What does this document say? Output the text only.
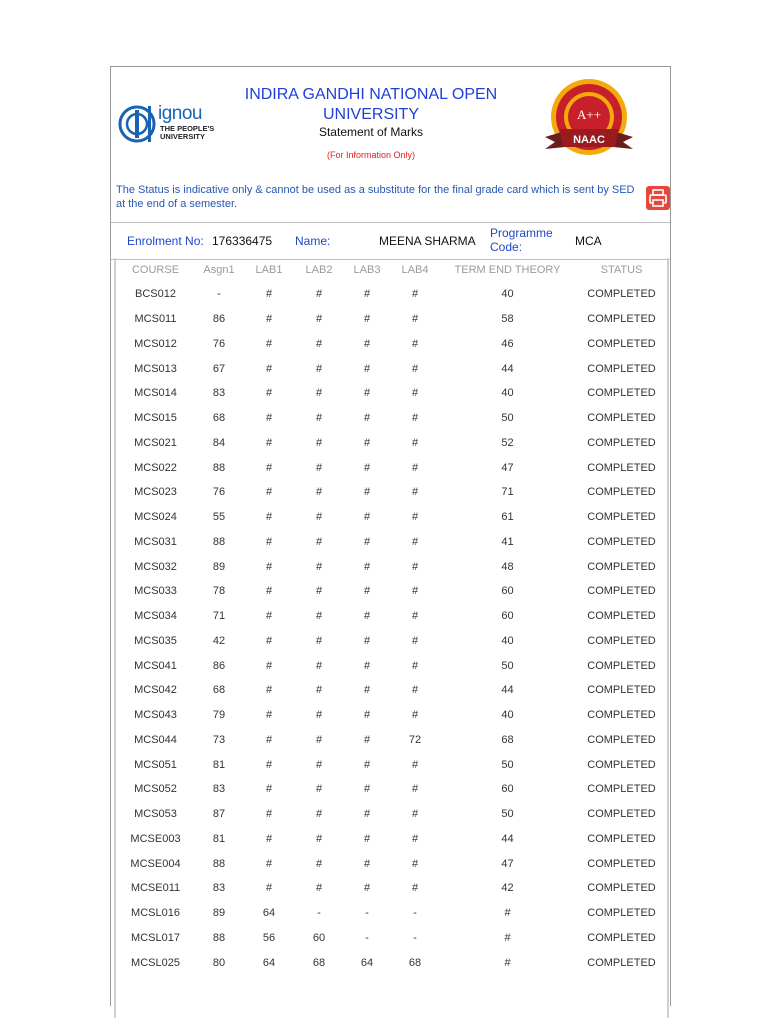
ignou
THE PEOPLE'S
UNIVERSITY
INDIRA GANDHI NATIONAL OPEN
UNIVERSITY
Statement of Marks
(For Information Only)
A++
NAAC
The Status is indicative only & cannot be used as a substitute for the final grade card which is sent by SED at the end of a semester.
Enrolment No: 176336475 Name:	MEENA SHARMA
Programme
Code:	MCA
COURSE	Asgn1	LAB1	LAB2	LAB3	LAB4	TERM END THEORY	STATUS
BCS012	-	#	#	#	#	40	COMPLETED
MCS011	86	#	#	#	#	58	COMPLETED
MCS012	76	#	#	#	#	46	COMPLETED
MCS013	67	#	#	#	#	44	COMPLETED
MCS014	83	#	#	#	#	40	COMPLETED
MCS015	68	#	#	#	#	50	COMPLETED
MCS021	84	#	#	#	#	52	COMPLETED
MCS022	88	#	#	#	#	47	COMPLETED
MCS023	76	#	#	#	#	71	COMPLETED
MCS024	55	#	#	#	#	61	COMPLETED
MCS031	88	#	#	#	#	41	COMPLETED
MCS032	89	#	#	#	#	48	COMPLETED
MCS033	78	#	#	#	#	60	COMPLETED
MCS034	71	#	#	#	#	60	COMPLETED
MCS035	42	#	#	#	#	40	COMPLETED
MCS041	86	#	#	#	#	50	COMPLETED
MCS042	68	#	#	#	#	44	COMPLETED
MCS043	79	#	#	#	#	40	COMPLETED
MCS044	73	#	#	#	72	68	COMPLETED
MCS051	81	#	#	#	#	50	COMPLETED
MCS052	83	#	#	#	#	60	COMPLETED
MCS053	87	#	#	#	#	50	COMPLETED
MCSE003	81	#	#	#	#	44	COMPLETED
MCSE004	88	#	#	#	#	47	COMPLETED
MCSE011	83	#	#	#	#	42	COMPLETED
MCSL016	89	64	-	-	-	#	COMPLETED
MCSL017	88	56	60	-	-	#	COMPLETED
MCSL025	80	64	68	64	68	#	COMPLETED
